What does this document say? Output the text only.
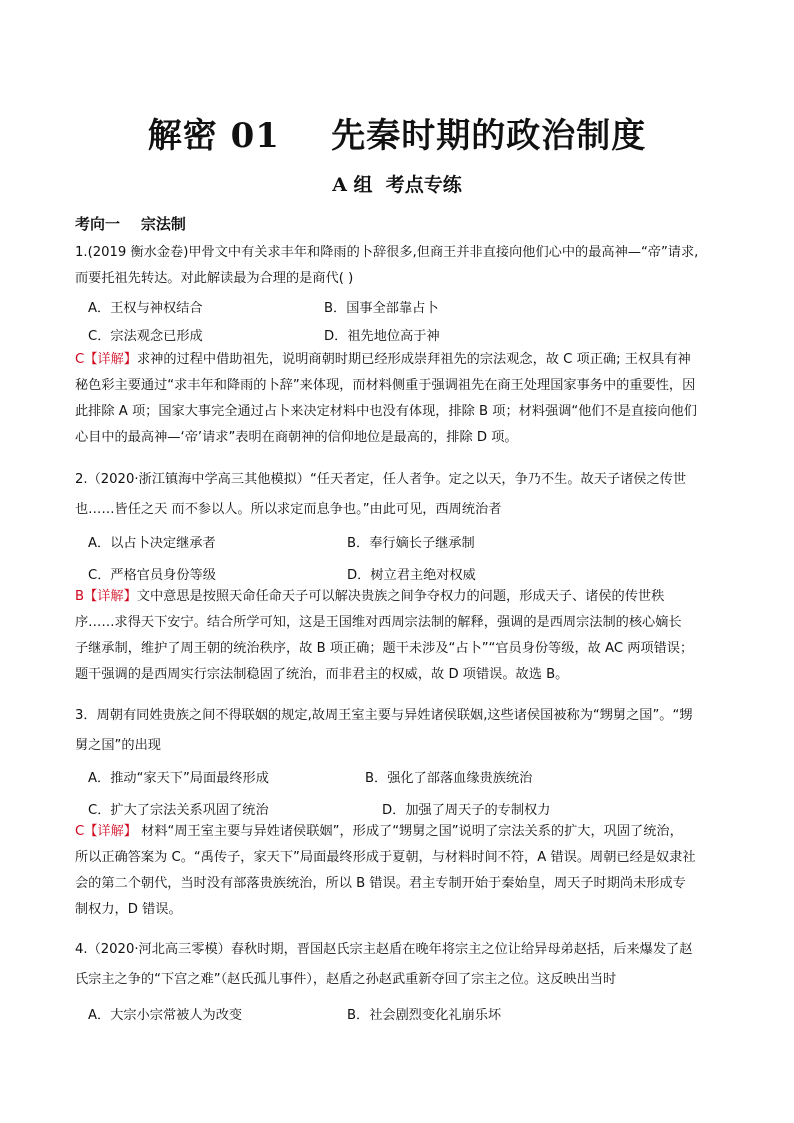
解密 01    先秦时期的政治制度
A 组  考点专练
考向一    宗法制
1.(2019 衡水金卷)甲骨文中有关求丰年和降雨的卜辞很多,但商王并非直接向他们心中的最高神—“帝”请求,
而要托祖先转达。对此解读最为合理的是商代( )
A．王权与神权结合	B．国事全部靠占卜
C．宗法观念已形成	D．祖先地位高于神
C【详解】求神的过程中借助祖先，说明商朝时期已经形成崇拜祖先的宗法观念，故 C 项正确; 王权具有神
秘色彩主要通过“求丰年和降雨的卜辞”来体现，而材料侧重于强调祖先在商王处理国家事务中的重要性，因
此排除 A 项；国家大事完全通过占卜来决定材料中也没有体现，排除 B 项；材料强调“他们不是直接向他们
心目中的最高神—‘帝’请求”表明在商朝神的信仰地位是最高的，排除 D 项。
2.（2020·浙江镇海中学高三其他模拟）“任天者定，任人者争。定之以天，争乃不生。故天子诸侯之传世
也……皆任之天 而不参以人。所以求定而息争也。”由此可见，西周统治者
A．以占卜决定继承者	B．奉行嫡长子继承制
C．严格官员身份等级	D．树立君主绝对权威
B【详解】文中意思是按照天命任命天子可以解决贵族之间争夺权力的问题，形成天子、诸侯的传世秩
序……求得天下安宁。结合所学可知，这是王国维对西周宗法制的解释，强调的是西周宗法制的核心嫡长
子继承制，维护了周王朝的统治秩序，故 B 项正确；题干未涉及“占卜”“官员身份等级，故 AC 两项错误；
题干强调的是西周实行宗法制稳固了统治，而非君主的权威，故 D 项错误。故选 B。
3．周朝有同姓贵族之间不得联姻的规定,故周王室主要与异姓诸侯联姻,这些诸侯国被称为“甥舅之国”。“甥
舅之国”的出现
A．推动“家天下”局面最终形成	B．强化了部落血缘贵族统治
C．扩大了宗法关系巩固了统治	D．加强了周天子的专制权力
C【详解】 材料“周王室主要与异姓诸侯联姻”，形成了“甥舅之国”说明了宗法关系的扩大，巩固了统治，
所以正确答案为 C。“禹传子，家天下”局面最终形成于夏朝，与材料时间不符，A 错误。周朝已经是奴隶社
会的第二个朝代，当时没有部落贵族统治，所以 B 错误。君主专制开始于秦始皇，周天子时期尚未形成专
制权力，D 错误。
4.（2020·河北高三零模）春秋时期，晋国赵氏宗主赵盾在晚年将宗主之位让给异母弟赵括，后来爆发了赵
氏宗主之争的“下宫之难”（赵氏孤儿事件），赵盾之孙赵武重新夺回了宗主之位。这反映出当时
A．大宗小宗常被人为改变	B．社会剧烈变化礼崩乐坏
